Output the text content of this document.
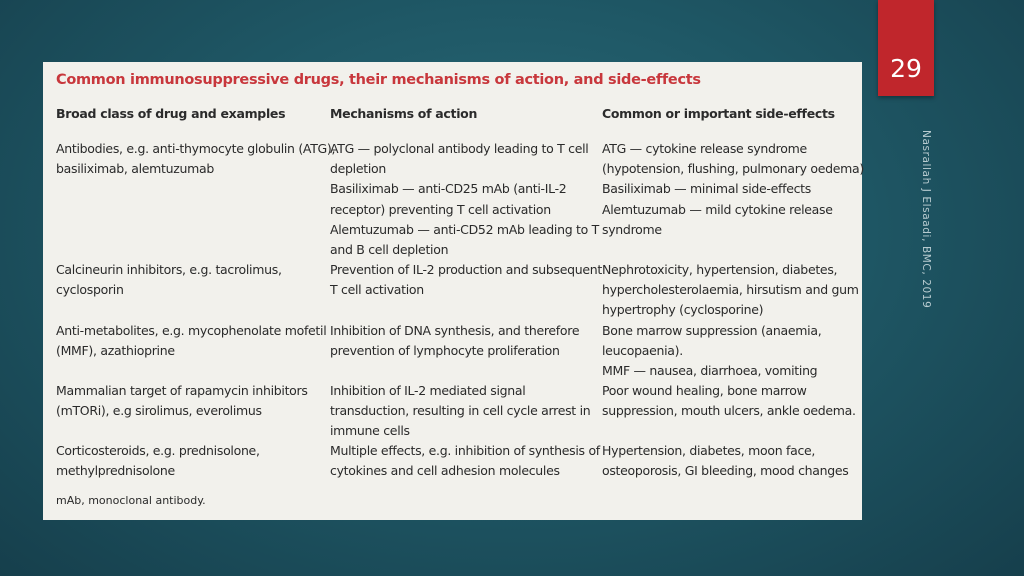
29
Nasrallah J Elsaadi, BMC, 2019
Common immunosuppressive drugs, their mechanisms of action, and side-effects
Broad class of drug and examples	Mechanisms of action	Common or important side-effects
Antibodies, e.g. anti-thymocyte globulin (ATG),
basiliximab, alemtuzumab
ATG — polyclonal antibody leading to T cell
depletion
Basiliximab — anti-CD25 mAb (anti-IL-2
receptor) preventing T cell activation
Alemtuzumab — anti-CD52 mAb leading to T
and B cell depletion
ATG — cytokine release syndrome
(hypotension, flushing, pulmonary oedema)
Basiliximab — minimal side-effects
Alemtuzumab — mild cytokine release
syndrome
Calcineurin inhibitors, e.g. tacrolimus,
cyclosporin
Prevention of IL-2 production and subsequent
T cell activation
Nephrotoxicity, hypertension, diabetes,
hypercholesterolaemia, hirsutism and gum
hypertrophy (cyclosporine)
Anti-metabolites, e.g. mycophenolate mofetil
(MMF), azathioprine
Inhibition of DNA synthesis, and therefore
prevention of lymphocyte proliferation
Bone marrow suppression (anaemia,
leucopaenia).
MMF — nausea, diarrhoea, vomiting
Mammalian target of rapamycin inhibitors
(mTORi), e.g sirolimus, everolimus
Inhibition of IL-2 mediated signal
transduction, resulting in cell cycle arrest in
immune cells
Poor wound healing, bone marrow
suppression, mouth ulcers, ankle oedema.
Corticosteroids, e.g. prednisolone,
methylprednisolone
Multiple effects, e.g. inhibition of synthesis of
cytokines and cell adhesion molecules
Hypertension, diabetes, moon face,
osteoporosis, GI bleeding, mood changes
mAb, monoclonal antibody.
